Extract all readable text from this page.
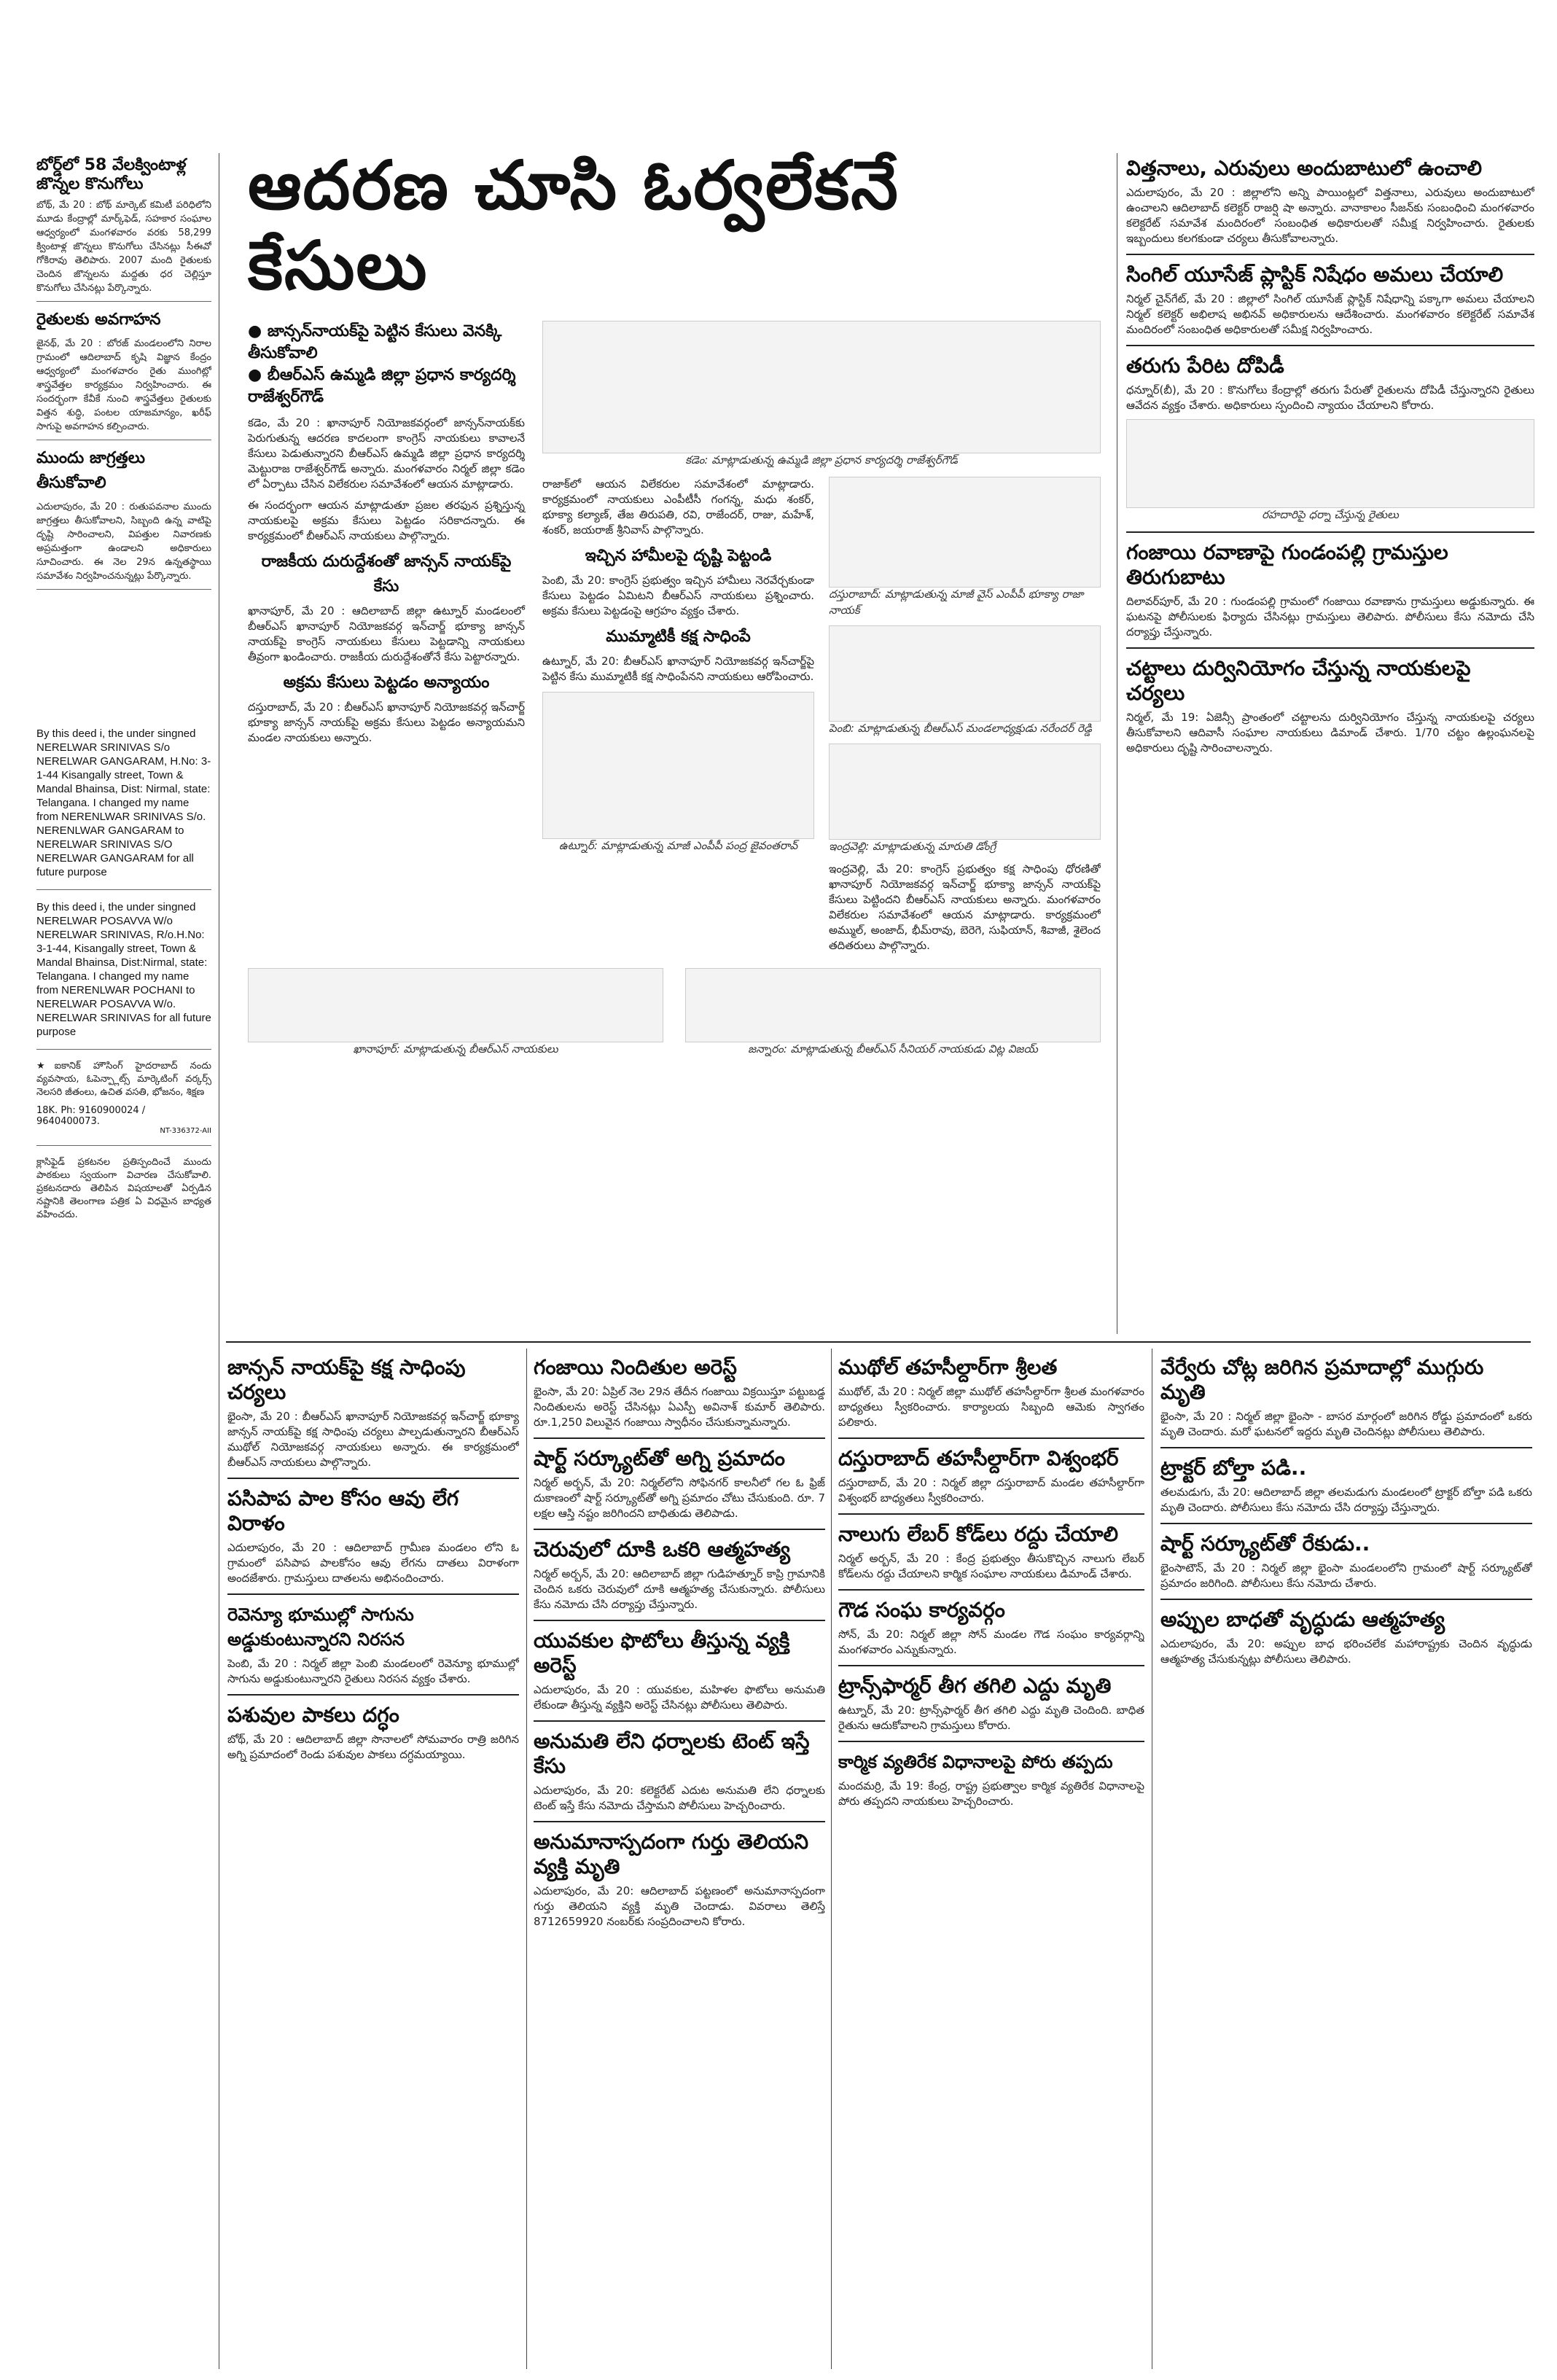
బోర్డ్‌లో 58 వేలక్వింటాళ్ల జొన్నల కొనుగోలు

బోథ్, మే 20 : బోథ్ మార్కెట్ కమిటీ పరిధిలోని మూడు కేంద్రాల్లో మార్క్‌ఫెడ్, సహకార సంఘాల ఆధ్వర్యంలో మంగళవారం వరకు 58,299 క్వింటాళ్ల జొన్నలు కొనుగోలు చేసినట్లు సీఈవో గోకిరావు తెలిపారు. 2007 మంది రైతులకు చెందిన జొన్నలను మద్దతు ధర చెల్లిస్తూ కొనుగోలు చేసినట్లు పేర్కొన్నారు.

రైతులకు అవగాహన

జైనథ్, మే 20 : బోరజ్ మండలంలోని నిరాల గ్రామంలో ఆదిలాబాద్ కృషి విజ్ఞాన కేంద్రం ఆధ్వర్యంలో మంగళవారం రైతు ముంగిట్లో శాస్త్రవేత్తల కార్యక్రమం నిర్వహించారు. ఈ సందర్భంగా కేవీకే నుంచి శాస్త్రవేత్తలు రైతులకు విత్తన శుద్ధి, పంటల యాజమాన్యం, ఖరీఫ్ సాగుపై అవగాహన కల్పించారు.

ముందు జాగ్రత్తలు తీసుకోవాలి

ఎదులాపురం, మే 20 : రుతుపవనాల ముందు జాగ్రత్తలు తీసుకోవాలని, సిబ్బంది ఉన్న వాటిపై దృష్టి సారించాలని, విపత్తుల నివారణకు అప్రమత్తంగా ఉండాలని అధికారులు సూచించారు. ఈ నెల 29న ఉన్నతస్థాయి సమావేశం నిర్వహించనున్నట్లు పేర్కొన్నారు.

By this deed i, the under singned NERELWAR SRINIVAS S/o NERELWAR GANGARAM, H.No: 3-1-44 Kisangally street, Town & Mandal Bhainsa, Dist: Nirmal, state: Telangana. I changed my name from NERENLWAR SRINIVAS S/o. NERENLWAR GANGARAM to NERELWAR SRINIVAS S/O NERELWAR GANGARAM for all future purpose
By this deed i, the under singned NERELWAR POSAVVA W/o NERELWAR SRINIVAS, R/o.H.No: 3-1-44, Kisangally street, Town & Mandal Bhainsa, Dist:Nirmal, state: Telangana. I changed my name from NERENLWAR POCHANI to NERELWAR POSAVVA W/o. NERELWAR SRINIVAS for all future purpose

★ఐకానిక్ హౌసింగ్ హైదరాబాద్ నందు వ్యవసాయ, ఓపెన్ప్లాట్స్ మార్కెటింగ్ వర్కర్స్ నెలసరి జీతంలు, ఉచిత వసతి, భోజనం, శిక్షణ

18K. Ph: 9160900024 / 9640400073.
NT-336372-AII

క్లాసిఫైడ్ ప్రకటనల ప్రతిస్పందించే ముందు పాఠకులు స్వయంగా విచారణ చేసుకోవాలి. ప్రకటనదారు తెలిపిన విషయాలతో ఏర్పడిన నష్టానికి తెలంగాణ పత్రిక ఏ విధమైన బాధ్యత వహించదు.

ఆదరణ చూసి ఓర్వలేకనే కేసులు
● జాన్సన్‌నాయక్‌పై పెట్టిన కేసులు వెనక్కి తీసుకోవాలి
● బీఆర్ఎస్ ఉమ్మడి జిల్లా ప్రధాన కార్యదర్శి రాజేశ్వర్‌గౌడ్

కడెం, మే 20 : ఖానాపూర్ నియోజకవర్గంలో జాన్సన్‌నాయక్‌కు పెరుగుతున్న ఆదరణ కాదలంగా కాంగ్రెస్ నాయకులు కావాలనే కేసులు పెడుతున్నారని బీఆర్ఎస్ ఉమ్మడి జిల్లా ప్రధాన కార్యదర్శి మెట్టురాజ రాజేశ్వర్‌గౌడ్ అన్నారు. మంగళవారం నిర్మల్ జిల్లా కడెం లో ఏర్పాటు చేసిన విలేకరుల సమావేశంలో ఆయన మాట్లాడారు.

ఈ సందర్భంగా ఆయన మాట్లాడుతూ ప్రజల తరఫున ప్రశ్నిస్తున్న నాయకులపై అక్రమ కేసులు పెట్టడం సరికాదన్నారు. ఈ కార్యక్రమంలో బీఆర్ఎస్ నాయకులు పాల్గొన్నారు.

రాజకీయ దురుద్దేశంతో జాన్సన్ నాయక్‌పై కేసు

ఖానాపూర్, మే 20 : ఆదిలాబాద్ జిల్లా ఉట్నూర్ మండలంలో బీఆర్ఎస్ ఖానాపూర్ నియోజకవర్గ ఇన్‌చార్జ్ భూక్యా జాన్సన్ నాయక్‌పై కాంగ్రెస్ నాయకులు కేసులు పెట్టడాన్ని నాయకులు తీవ్రంగా ఖండించారు. రాజకీయ దురుద్దేశంతోనే కేసు పెట్టారన్నారు.

అక్రమ కేసులు పెట్టడం అన్యాయం

దస్తురాబాద్, మే 20 : బీఆర్ఎస్ ఖానాపూర్ నియోజకవర్గ ఇన్‌చార్జ్ భూక్యా జాన్సన్ నాయక్‌పై అక్రమ కేసులు పెట్టడం అన్యాయమని మండల నాయకులు అన్నారు.

కడెం: మాట్లాడుతున్న ఉమ్మడి జిల్లా ప్రధాన కార్యదర్శి రాజేశ్వర్‌గౌడ్

రాజాక్‌లో ఆయన విలేకరుల సమావేశంలో మాట్లాడారు. కార్యక్రమంలో నాయకులు ఎంపీటీసీ గంగన్న, మధు శంకర్, భూక్యా కల్యాణ్, తేజ తిరుపతి, రవి, రాజేందర్, రాజు, మహేశ్, శంకర్, జయరాజ్ శ్రీనివాస్ పాల్గొన్నారు.

ఇచ్చిన హామీలపై దృష్టి పెట్టండి

పెంబి, మే 20: కాంగ్రెస్ ప్రభుత్వం ఇచ్చిన హామీలు నెరవేర్చకుండా కేసులు పెట్టడం ఏమిటని బీఆర్ఎస్ నాయకులు ప్రశ్నించారు. అక్రమ కేసులు పెట్టడంపై ఆగ్రహం వ్యక్తం చేశారు.

ముమ్మాటికీ కక్ష సాధింపే

ఉట్నూర్, మే 20: బీఆర్ఎస్ ఖానాపూర్ నియోజకవర్గ ఇన్‌చార్జ్‌పై పెట్టిన కేసు ముమ్మాటికీ కక్ష సాధింపేనని నాయకులు ఆరోపించారు.

ఉట్నూర్: మాట్లాడుతున్న మాజీ ఎంపీపీ పంద్ర జైవంతరావ్
దస్తురాబాద్: మాట్లాడుతున్న మాజీ వైస్ ఎంపీపీ భూక్యా రాజా నాయక్
పెంబి: మాట్లాడుతున్న బీఆర్ఎస్ మండలాధ్యక్షుడు నరేందర్ రెడ్డి
ఇంద్రవెల్లి: మాట్లాడుతున్న మారుతి డోంగ్రే

ఇంద్రవెల్లి, మే 20: కాంగ్రెస్ ప్రభుత్వం కక్ష సాధింపు ధోరణితో ఖానాపూర్ నియోజకవర్గ ఇన్‌చార్జ్ భూక్యా జాన్సన్ నాయక్‌పై కేసులు పెట్టిందని బీఆర్ఎస్ నాయకులు అన్నారు. మంగళవారం విలేకరుల సమావేశంలో ఆయన మాట్లాడారు. కార్యక్రమంలో అమ్ముల్, అంజాద్, భీమ్‌రావు, బెరెగె, సుఫియాన్, శివాజీ, శైలెంద తదితరులు పాల్గొన్నారు.

ఖానాపూర్: మాట్లాడుతున్న బీఆర్ఎస్ నాయకులు	జన్నారం: మాట్లాడుతున్న బీఆర్ఎస్ సీనియర్ నాయకుడు విట్ల విజయ్
విత్తనాలు, ఎరువులు అందుబాటులో ఉంచాలి

ఎదులాపురం, మే 20 : జిల్లాలోని అన్ని పాయింట్లలో విత్తనాలు, ఎరువులు అందుబాటులో ఉంచాలని ఆదిలాబాద్ కలెక్టర్ రాజర్షి షా అన్నారు. వానాకాలం సీజన్‌కు సంబంధించి మంగళవారం కలెక్టరేట్ సమావేశ మందిరంలో సంబంధిత అధికారులతో సమీక్ష నిర్వహించారు. రైతులకు ఇబ్బందులు కలగకుండా చర్యలు తీసుకోవాలన్నారు.

సింగిల్ యూసేజ్ ప్లాస్టిక్ నిషేధం అమలు చేయాలి

నిర్మల్ చైన్‌గేట్, మే 20 : జిల్లాలో సింగిల్ యూసేజ్ ప్లాస్టిక్ నిషేధాన్ని పక్కాగా అమలు చేయాలని నిర్మల్ కలెక్టర్ అభిలాష అభినవ్ అధికారులను ఆదేశించారు. మంగళవారం కలెక్టరేట్ సమావేశ మందిరంలో సంబంధిత అధికారులతో సమీక్ష నిర్వహించారు.

తరుగు పేరిట దోపిడీ

ధన్నూర్(బీ), మే 20 : కొనుగోలు కేంద్రాల్లో తరుగు పేరుతో రైతులను దోపిడీ చేస్తున్నారని రైతులు ఆవేదన వ్యక్తం చేశారు. అధికారులు స్పందించి న్యాయం చేయాలని కోరారు.

రహదారిపై ధర్నా చేస్తున్న రైతులు
గంజాయి రవాణాపై గుండంపల్లి గ్రామస్తుల తిరుగుబాటు

దిలావర్‌పూర్, మే 20 : గుండంపల్లి గ్రామంలో గంజాయి రవాణాను గ్రామస్తులు అడ్డుకున్నారు. ఈ ఘటనపై పోలీసులకు ఫిర్యాదు చేసినట్లు గ్రామస్తులు తెలిపారు. పోలీసులు కేసు నమోదు చేసి దర్యాప్తు చేస్తున్నారు.

చట్టాలు దుర్వినియోగం చేస్తున్న నాయకులపై చర్యలు

నిర్మల్, మే 19: ఏజెన్సీ ప్రాంతంలో చట్టాలను దుర్వినియోగం చేస్తున్న నాయకులపై చర్యలు తీసుకోవాలని ఆదివాసీ సంఘాల నాయకులు డిమాండ్ చేశారు. 1/70 చట్టం ఉల్లంఘనలపై అధికారులు దృష్టి సారించాలన్నారు.

జాన్సన్ నాయక్‌పై కక్ష సాధింపు చర్యలు

భైంసా, మే 20 : బీఆర్ఎస్ ఖానాపూర్ నియోజకవర్గ ఇన్‌చార్జ్ భూక్యా జాన్సన్ నాయక్‌పై కక్ష సాధింపు చర్యలు పాల్పడుతున్నారని బీఆర్ఎస్ ముథోల్ నియోజకవర్గ నాయకులు అన్నారు. ఈ కార్యక్రమంలో బీఆర్ఎస్ నాయకులు పాల్గొన్నారు.

పసిపాప పాల కోసం ఆవు లేగ విరాళం

ఎదులాపురం, మే 20 : ఆదిలాబాద్ గ్రామీణ మండలం లోని ఓ గ్రామంలో పసిపాప పాలకోసం ఆవు లేగను దాతలు విరాళంగా అందజేశారు. గ్రామస్తులు దాతలను అభినందించారు.

రెవెన్యూ భూముల్లో సాగును అడ్డుకుంటున్నారని నిరసన

పెంబి, మే 20 : నిర్మల్ జిల్లా పెంబి మండలంలో రెవెన్యూ భూముల్లో సాగును అడ్డుకుంటున్నారని రైతులు నిరసన వ్యక్తం చేశారు.

పశువుల పాకలు దగ్ధం

బోథ్, మే 20 : ఆదిలాబాద్ జిల్లా సొనాలలో సోమవారం రాత్రి జరిగిన అగ్ని ప్రమాదంలో రెండు పశువుల పాకలు దగ్ధమయ్యాయి.

గంజాయి నిందితుల అరెస్ట్

భైంసా, మే 20: ఏప్రిల్ నెల 29న తేదీన గంజాయి విక్రయిస్తూ పట్టుబడ్డ నిందితులను అరెస్ట్ చేసినట్లు ఏఎస్పీ అవినాశ్ కుమార్ తెలిపారు. రూ.1,250 విలువైన గంజాయి స్వాధీనం చేసుకున్నామన్నారు.

షార్ట్ సర్క్యూట్‌తో అగ్ని ప్రమాదం

నిర్మల్ అర్బన్, మే 20: నిర్మల్‌లోని సోఫినగర్ కాలనీలో గల ఓ ఫ్రిజ్ దుకాణంలో షార్ట్ సర్క్యూట్‌తో అగ్ని ప్రమాదం చోటు చేసుకుంది. రూ. 7 లక్షల ఆస్తి నష్టం జరిగిందని బాధితుడు తెలిపాడు.

చెరువులో దూకి ఒకరి ఆత్మహత్య

నిర్మల్ అర్బన్, మే 20: ఆదిలాబాద్ జిల్లా గుడిహత్నూర్ కాప్రి గ్రామానికి చెందిన ఒకరు చెరువులో దూకి ఆత్మహత్య చేసుకున్నారు. పోలీసులు కేసు నమోదు చేసి దర్యాప్తు చేస్తున్నారు.

యువకుల ఫొటోలు తీస్తున్న వ్యక్తి అరెస్ట్

ఎదులాపురం, మే 20 : యువకుల, మహిళల ఫొటోలు అనుమతి లేకుండా తీస్తున్న వ్యక్తిని అరెస్ట్ చేసినట్లు పోలీసులు తెలిపారు.

అనుమతి లేని ధర్నాలకు టెంట్ ఇస్తే కేసు

ఎదులాపురం, మే 20: కలెక్టరేట్ ఎదుట అనుమతి లేని ధర్నాలకు టెంట్ ఇస్తే కేసు నమోదు చేస్తామని పోలీసులు హెచ్చరించారు.

అనుమానాస్పదంగా గుర్తు తెలియని వ్యక్తి మృతి

ఎదులాపురం, మే 20: ఆదిలాబాద్ పట్టణంలో అనుమానాస్పదంగా గుర్తు తెలియని వ్యక్తి మృతి చెందాడు. వివరాలు తెలిస్తే 8712659920 నంబర్‌కు సంప్రదించాలని కోరారు.

ముథోల్ తహసీల్దార్‌గా శ్రీలత

ముథోల్, మే 20 : నిర్మల్ జిల్లా ముథోల్ తహసీల్దార్‌గా శ్రీలత మంగళవారం బాధ్యతలు స్వీకరించారు. కార్యాలయ సిబ్బంది ఆమెకు స్వాగతం పలికారు.

దస్తురాబాద్ తహసీల్దార్‌గా విశ్వంభర్

దస్తురాబాద్, మే 20 : నిర్మల్ జిల్లా దస్తురాబాద్ మండల తహసీల్దార్‌గా విశ్వంభర్ బాధ్యతలు స్వీకరించారు.

నాలుగు లేబర్ కోడ్‌లు రద్దు చేయాలి

నిర్మల్ అర్బన్, మే 20 : కేంద్ర ప్రభుత్వం తీసుకొచ్చిన నాలుగు లేబర్ కోడ్‌లను రద్దు చేయాలని కార్మిక సంఘాల నాయకులు డిమాండ్ చేశారు.

గౌడ సంఘ కార్యవర్గం

సోన్, మే 20: నిర్మల్ జిల్లా సోన్ మండల గౌడ సంఘం కార్యవర్గాన్ని మంగళవారం ఎన్నుకున్నారు.

ట్రాన్స్‌ఫార్మర్ తీగ తగిలి ఎద్దు మృతి

ఉట్నూర్, మే 20: ట్రాన్స్‌ఫార్మర్ తీగ తగిలి ఎద్దు మృతి చెందింది. బాధిత రైతును ఆదుకోవాలని గ్రామస్తులు కోరారు.

కార్మిక వ్యతిరేక విధానాలపై పోరు తప్పదు

మందమర్రి, మే 19: కేంద్ర, రాష్ట్ర ప్రభుత్వాల కార్మిక వ్యతిరేక విధానాలపై పోరు తప్పదని నాయకులు హెచ్చరించారు.

వేర్వేరు చోట్ల జరిగిన ప్రమాదాల్లో ముగ్గురు మృతి

భైంసా, మే 20 : నిర్మల్ జిల్లా భైంసా - బాసర మార్గంలో జరిగిన రోడ్డు ప్రమాదంలో ఒకరు మృతి చెందారు. మరో ఘటనలో ఇద్దరు మృతి చెందినట్లు పోలీసులు తెలిపారు.

ట్రాక్టర్ బోల్తా పడి..

తలమడుగు, మే 20: ఆదిలాబాద్ జిల్లా తలమడుగు మండలంలో ట్రాక్టర్ బోల్తా పడి ఒకరు మృతి చెందారు. పోలీసులు కేసు నమోదు చేసి దర్యాప్తు చేస్తున్నారు.

షార్ట్ సర్క్యూట్‌తో రేకుడు..

భైంసాటౌన్, మే 20 : నిర్మల్ జిల్లా భైంసా మండలంలోని గ్రామంలో షార్ట్ సర్క్యూట్‌తో ప్రమాదం జరిగింది. పోలీసులు కేసు నమోదు చేశారు.

అప్పుల బాధతో వృద్ధుడు ఆత్మహత్య

ఎదులాపురం, మే 20: అప్పుల బాధ భరించలేక మహారాష్ట్రకు చెందిన వృద్ధుడు ఆత్మహత్య చేసుకున్నట్లు పోలీసులు తెలిపారు.
